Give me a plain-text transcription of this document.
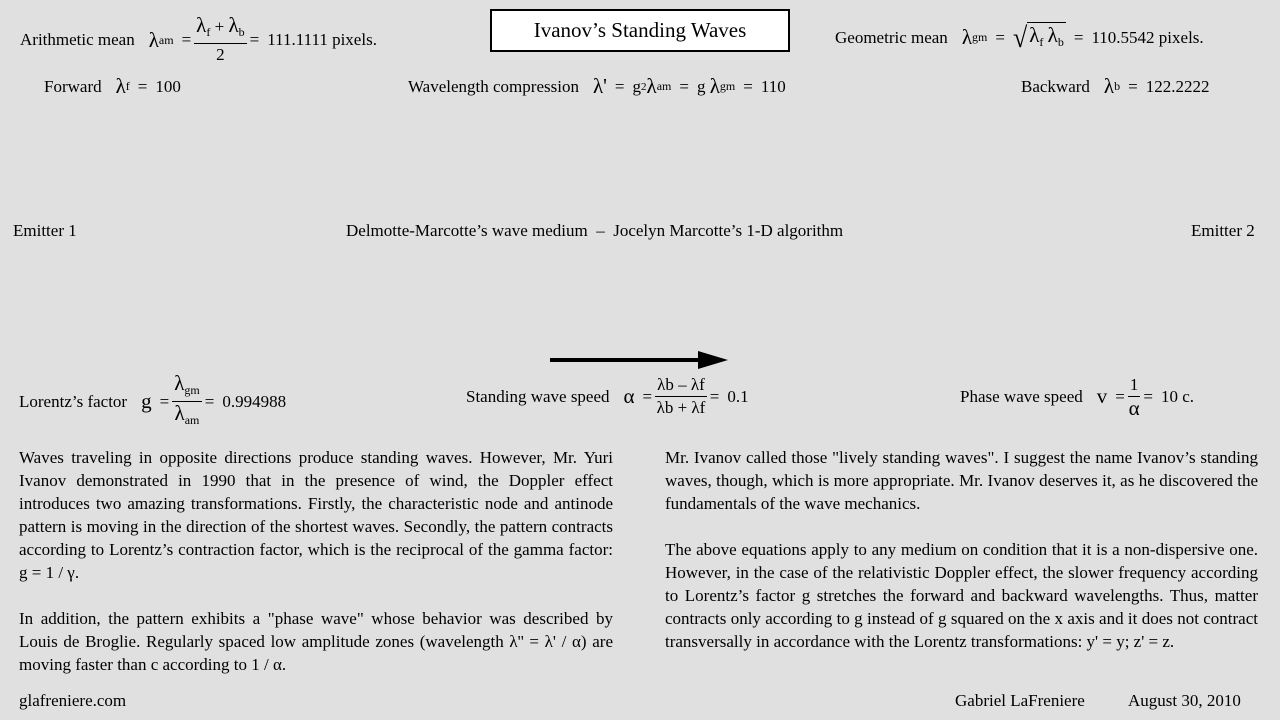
Ivanov’s Standing Waves
Arithmetic mean λ am = $\frac{\lambda_f + \lambda_b}{2} = 111.1111$ pixels.	Geometric mean λ gm = √ $\lambda_f$ $\lambda_b = 110.5542$ pixels.
Forward λ f = 100	Wavelength compression λ' = g 2 λ am = g
λ gm = 110	Backward λ b = 122.2222
Emitter 1	Delmotte-Marcotte’s wave medium  –  Jocelyn Marcotte’s 1-D algorithm	Emitter 2
Lorentz’s factor $g = \frac{\lambda_{gm}}{\lambda_{am}} = 0.994988$	Standing wave speed $\alpha = \frac{\lambda b - \lambda f}{\lambda b + \lambda f} = 0.1$	Phase wave speed $v = \frac{1}{\alpha} = 10$ c.

Waves traveling in opposite directions produce standing waves. However, Mr. Yuri Ivanov demonstrated in 1990 that in the presence of wind, the Doppler effect introduces two amazing transformations. Firstly, the characteristic node and antinode pattern is moving in the direction of the shortest waves. Secondly, the pattern contracts according to Lorentz’s contraction factor, which is the reciprocal of the gamma factor: g = 1 / γ.

In addition, the pattern exhibits a "phase wave" whose behavior was described by Louis de Broglie. Regularly spaced low amplitude zones (wavelength λ'' = λ' / α) are moving faster than c according to 1 / α.

Mr. Ivanov called those "lively standing waves". I suggest the name Ivanov’s standing waves, though, which is more appropriate. Mr. Ivanov deserves it, as he discovered the fundamentals of the wave mechanics.

The above equations apply to any medium on condition that it is a non-dispersive one. However, in the case of the relativistic Doppler effect, the slower frequency according to Lorentz’s factor g stretches the forward and backward wavelengths. Thus, matter contracts only according to g instead of g squared on the x axis and it does not contract transversally in accordance with the Lorentz transformations: y' = y; z' = z.

glafreniere.com	Gabriel LaFreniere	August 30, 2010
